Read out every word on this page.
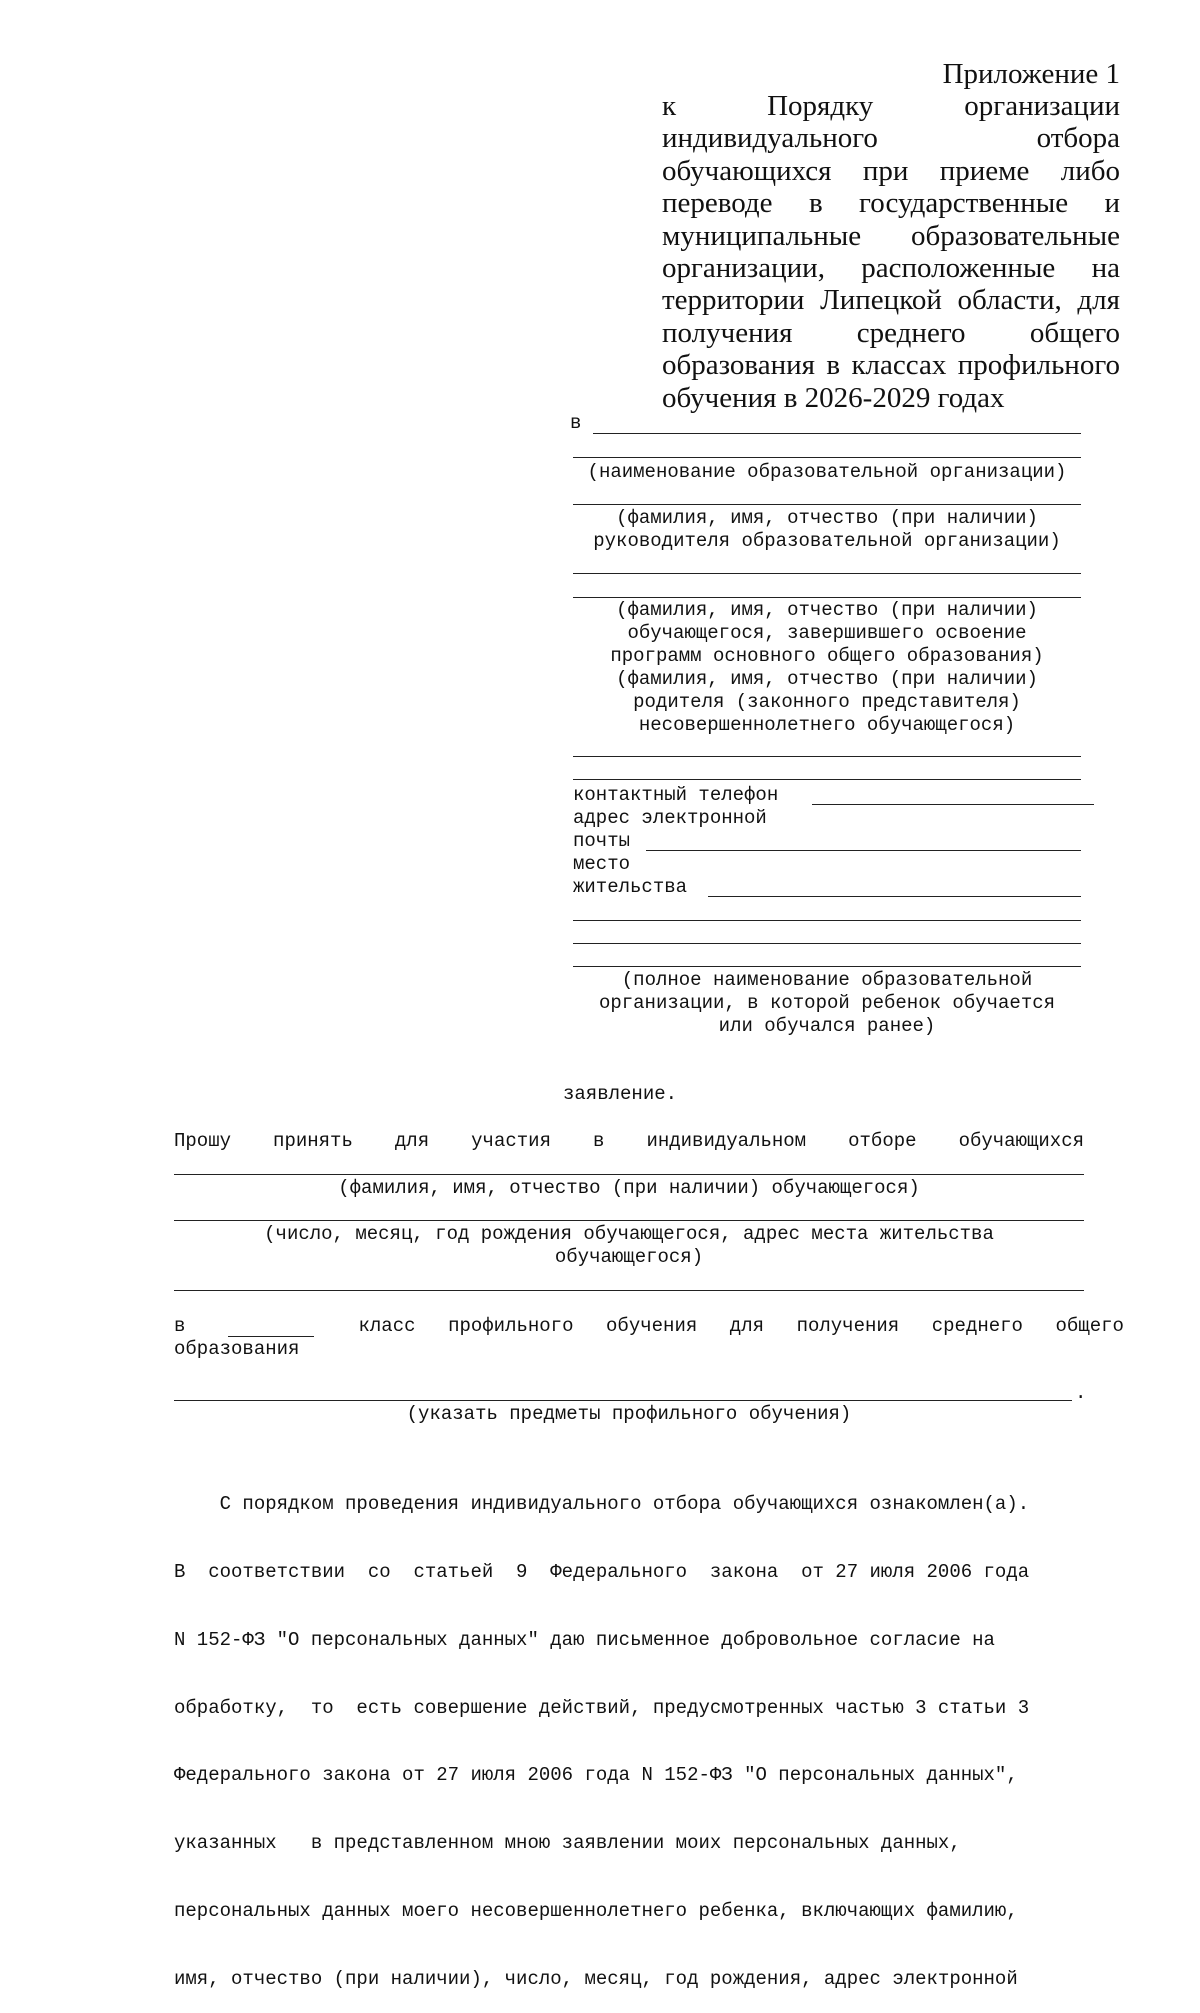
Приложение 1
к Порядку организации индивидуального отбора обучающихся при приеме либо переводе в государственные и муниципальные образовательные организации, расположенные на территории Липецкой области, для получения среднего общего образования в классах профильного обучения в 2026-2029 годах
в
(наименование образовательной организации)
(фамилия, имя, отчество (при наличии)
руководителя образовательной организации)
(фамилия, имя, отчество (при наличии)
обучающегося, завершившего освоение
программ основного общего образования)
(фамилия, имя, отчество (при наличии)
родителя (законного представителя)
несовершеннолетнего обучающегося)
контактный телефон
адрес электронной
почты
место
жительства
(полное наименование образовательной
организации, в которой ребенок обучается
или обучался ранее)
заявление.
Прошу принять для участия в индивидуальном отборе обучающихся
(фамилия, имя, отчество (при наличии) обучающегося)
(число, месяц, год рождения обучающегося, адрес места жительства
обучающегося)
в	класс профильного обучения для получения среднего общего
образования
.
(указать предметы профильного обучения)

С порядком проведения индивидуального отбора обучающихся ознакомлен(а).

В  соответствии  со  статьей  9  Федерального  закона  от 27 июля 2006 года

N 152-ФЗ "О персональных данных" даю письменное добровольное согласие на

обработку,  то  есть совершение действий, предусмотренных частью 3 статьи 3

Федерального закона от 27 июля 2006 года N 152-ФЗ "О персональных данных",

указанных   в представленном мною заявлении моих персональных данных,

персональных данных моего несовершеннолетнего ребенка, включающих фамилию,

имя, отчество (при наличии), число, месяц, год рождения, адрес электронной
